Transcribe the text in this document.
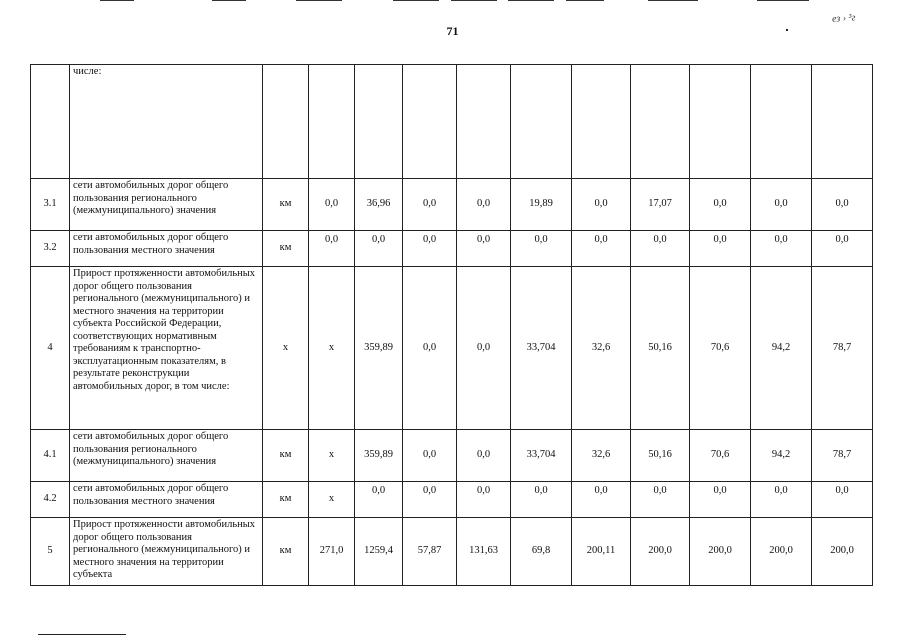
71
ез › ³г
	числе:											
3.1	сети автомобильных дорог общего пользования регионального (межмуниципального) значения	км	0,0	36,96	0,0	0,0	19,89	0,0	17,07	0,0	0,0	0,0
3.2	сети автомобильных дорог общего пользования местного значения	км	0,0	0,0	0,0	0,0	0,0	0,0	0,0	0,0	0,0	0,0
4	Прирост протяженности автомобильных дорог общего пользования регионального (межмуниципального) и местного значения на территории субъекта Российской Федерации, соответствующих нормативным требованиям к транспортно-эксплуатационным показателям, в результате реконструкции автомобильных дорог, в том числе:	х	х	359,89	0,0	0,0	33,704	32,6	50,16	70,6	94,2	78,7
4.1	сети автомобильных дорог общего пользования регионального (межмуниципального) значения	км	х	359,89	0,0	0,0	33,704	32,6	50,16	70,6	94,2	78,7
4.2	сети автомобильных дорог общего пользования местного значения	км	х	0,0	0,0	0,0	0,0	0,0	0,0	0,0	0,0	0,0
5	Прирост протяженности автомобильных дорог общего пользования регионального (межмуниципального) и местного значения на территории субъекта	км	271,0	1259,4	57,87	131,63	69,8	200,11	200,0	200,0	200,0	200,0
